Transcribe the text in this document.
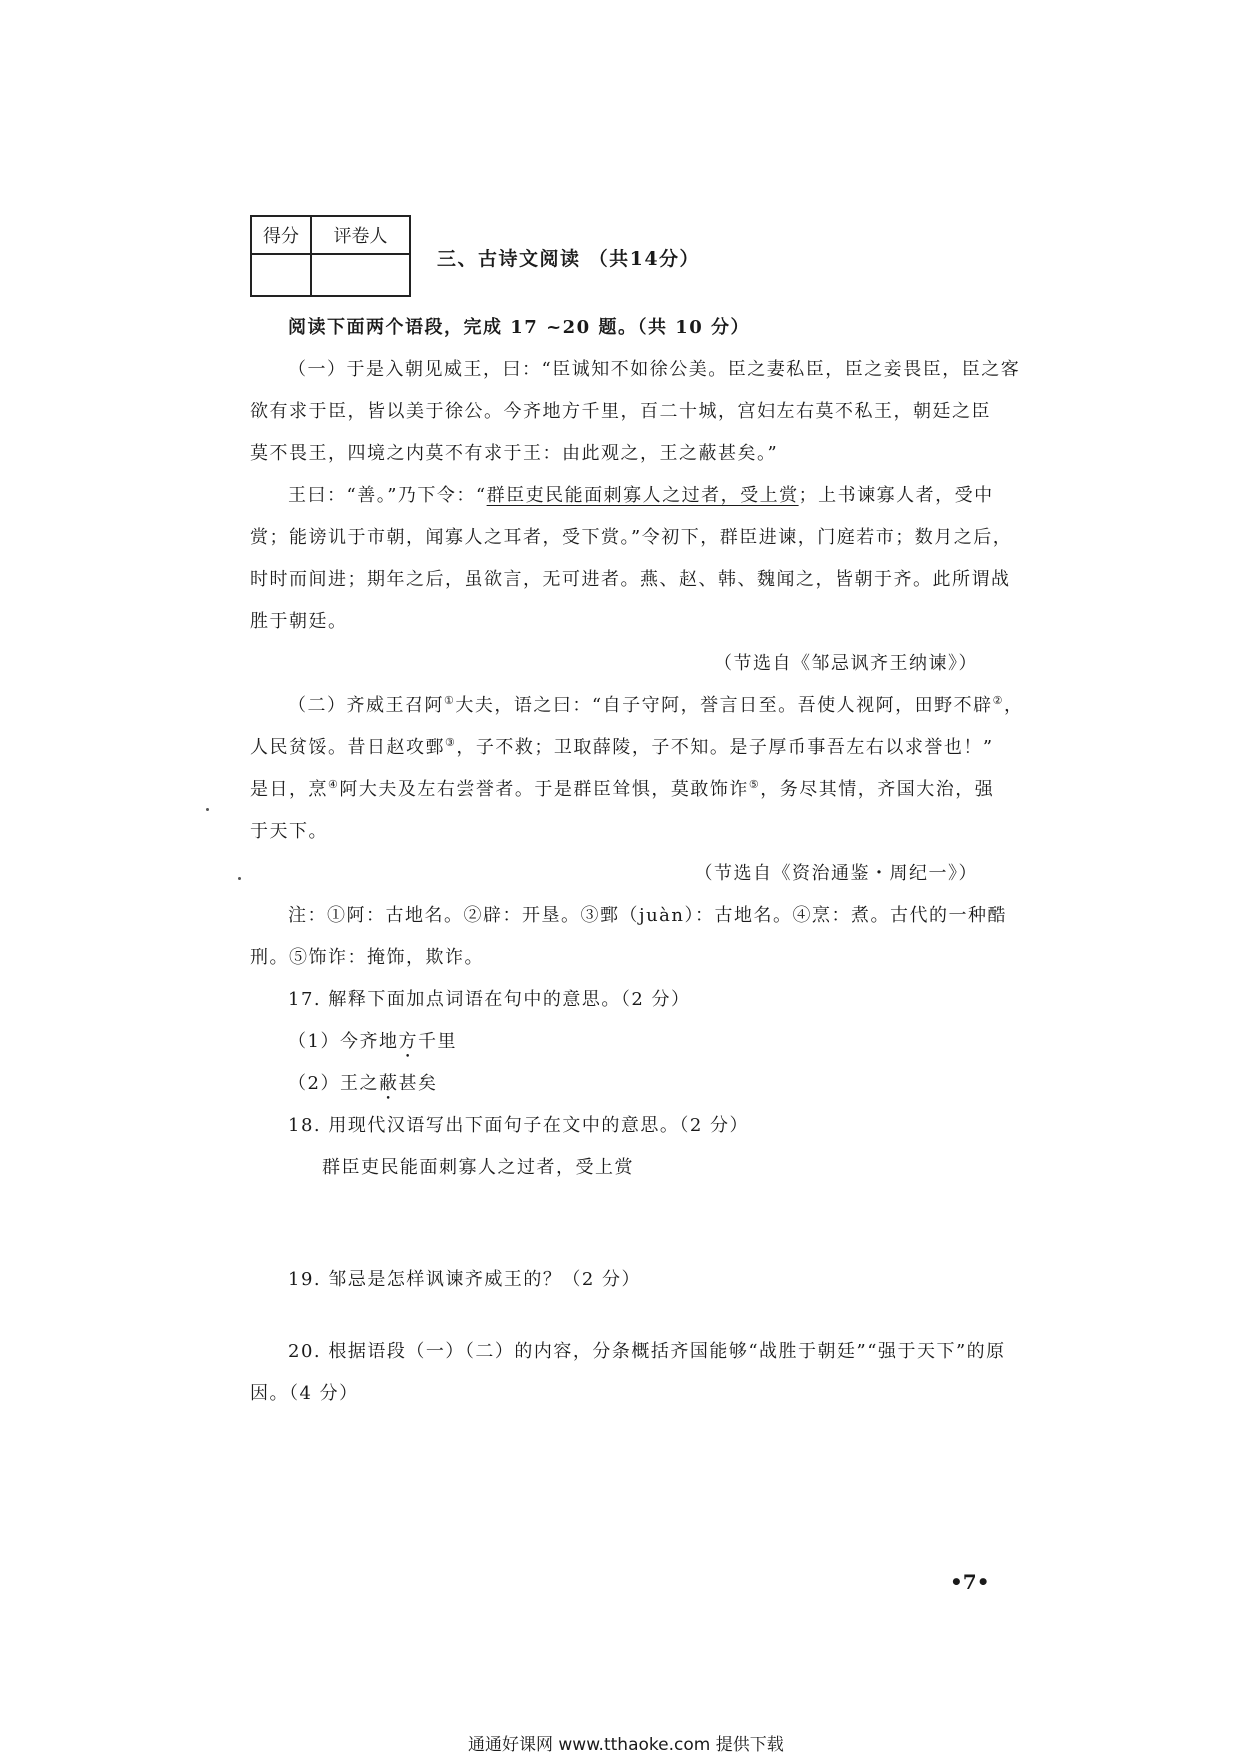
得分	评卷人

三、古诗文阅读 （共14分）
阅读下面两个语段，完成 17 ~20 题。（共 10 分）
（一）于是入朝见威王，曰：“臣诚知不如徐公美。臣之妻私臣，臣之妾畏臣，臣之客
欲有求于臣，皆以美于徐公。今齐地方千里，百二十城，宫妇左右莫不私王，朝廷之臣
莫不畏王，四境之内莫不有求于王：由此观之，王之蔽甚矣。”
王曰：“善。”乃下令：“群臣吏民能面刺寡人之过者，受上赏；上书谏寡人者，受中
赏；能谤讥于市朝，闻寡人之耳者，受下赏。”令初下，群臣进谏，门庭若市；数月之后，
时时而间进；期年之后，虽欲言，无可进者。燕、赵、韩、魏闻之，皆朝于齐。此所谓战
胜于朝廷。
（节选自《邹忌讽齐王纳谏》）
（二）齐威王召阿①大夫，语之曰：“自子守阿，誉言日至。吾使人视阿，田野不辟②，
人民贫馁。昔日赵攻鄄③，子不救；卫取薛陵，子不知。是子厚币事吾左右以求誉也！”
是日，烹④阿大夫及左右尝誉者。于是群臣耸惧，莫敢饰诈⑤，务尽其情，齐国大治，强
于天下。
（节选自《资治通鉴・周纪一》）
注：①阿：古地名。②辟：开垦。③鄄（juàn）：古地名。④烹：煮。古代的一种酷
刑。⑤饰诈：掩饰，欺诈。
17. 解释下面加点词语在句中的意思。（2 分）
（1）今齐地方千里
（2）王之蔽甚矣
18. 用现代汉语写出下面句子在文中的意思。（2 分）
群臣吏民能面刺寡人之过者，受上赏
19. 邹忌是怎样讽谏齐威王的？（2 分）
20. 根据语段（一）（二）的内容，分条概括齐国能够“战胜于朝廷”“强于天下”的原
因。（4 分）
•7•
通通好课网 www.tthaoke.com 提供下载
